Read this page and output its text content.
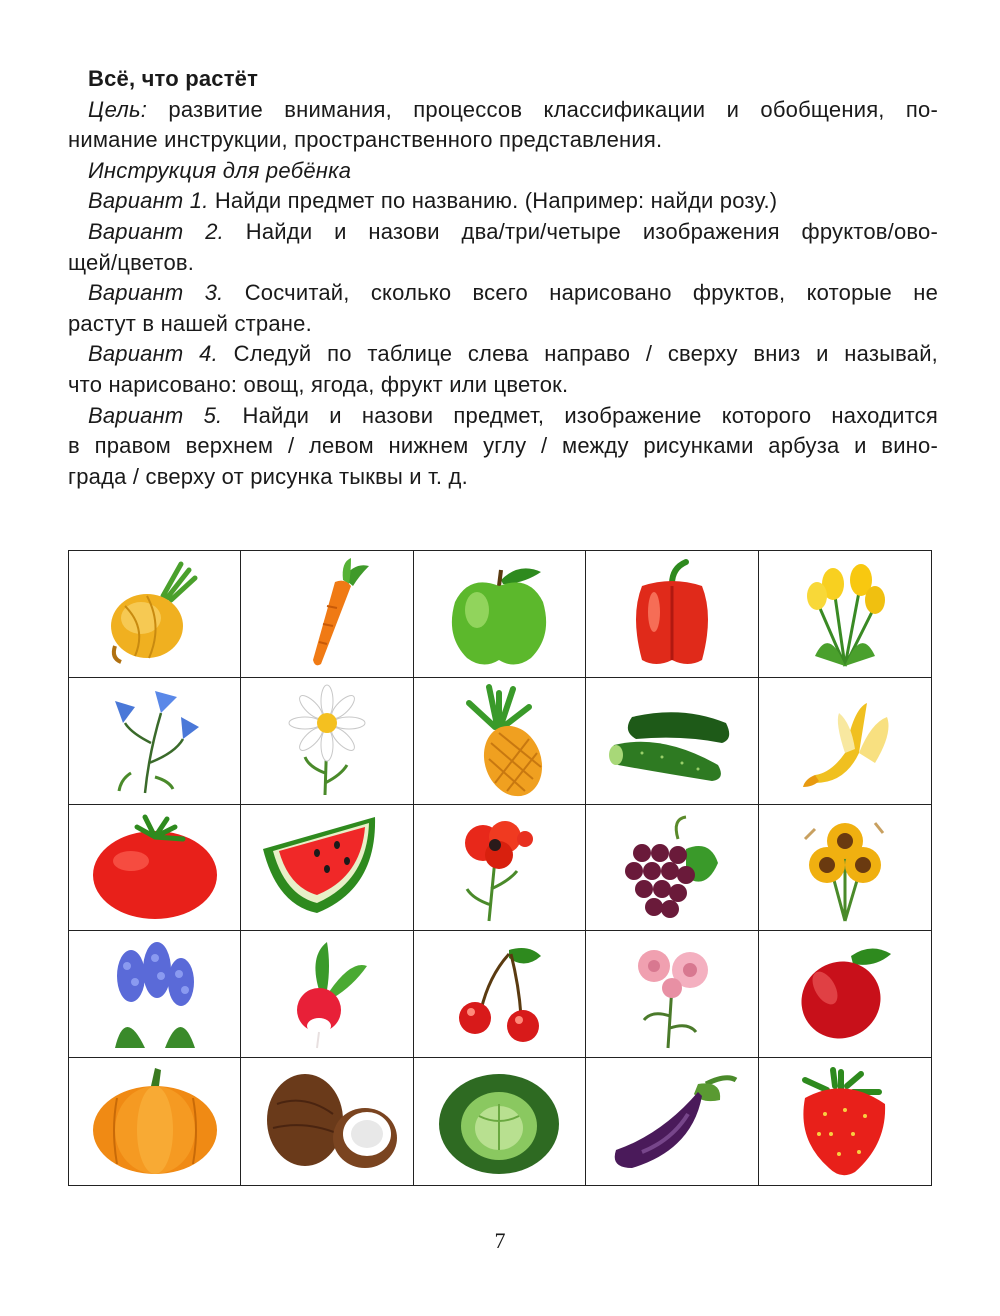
Всё, что растёт

Цель: развитие внимания, процессов классификации и обобщения, по-
нимание инструкции, пространственного представления.

Инструкция для ребёнка

Вариант 1. Найди предмет по названию. (Например: найди розу.)

Вариант 2. Найди и назови два/три/четыре изображения фруктов/ово-
щей/цветов.

Вариант 3. Сосчитай, сколько всего нарисовано фруктов, которые не
растут в нашей стране.

Вариант 4. Следуй по таблице слева направо / сверху вниз и называй,
что нарисовано: овощ, ягода, фрукт или цветок.

Вариант 5. Найди и назови предмет, изображение которого находится
в правом верхнем / левом нижнем углу / между рисунками арбуза и вино-
града / сверху от рисунка тыквы и т. д.

7
